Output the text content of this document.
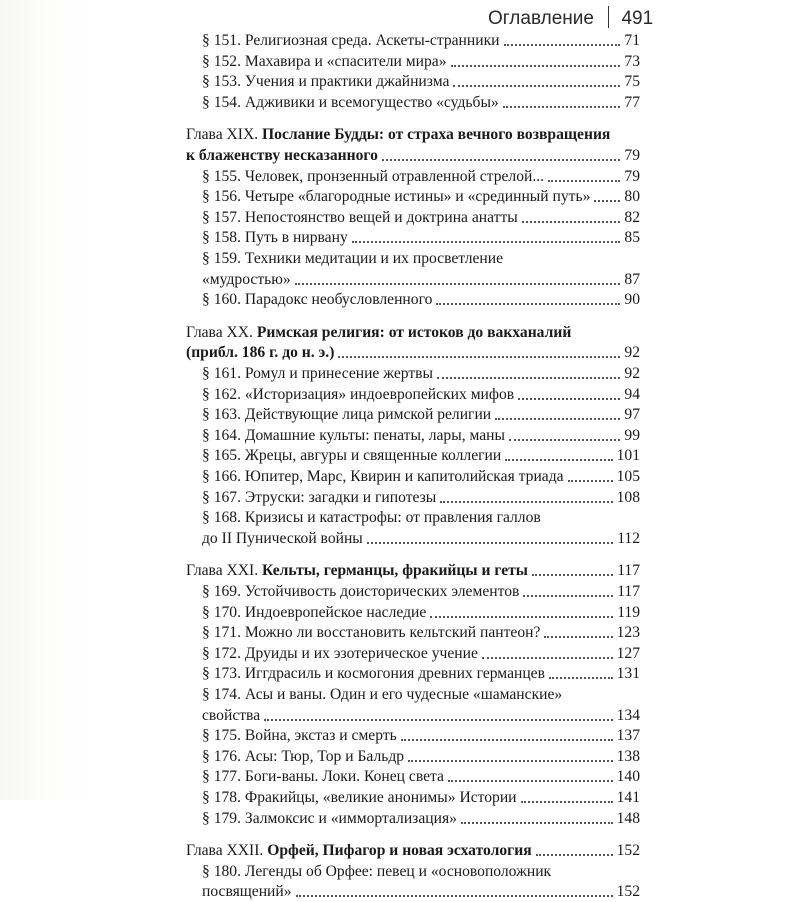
Оглавление 491
§ 151. Религиозная среда. Аскеты-странники	71
§ 152. Махавира и «спасители мира»	73
§ 153. Учения и практики джайнизма	75
§ 154. Адживики и всемогущество «судьбы»	77
Глава XIX. Послание Будды: от страха вечного возвращения
к блаженству несказанного	79
§ 155. Человек, пронзенный отравленной стрелой...	79
§ 156. Четыре «благородные истины» и «срединный путь» 80
§ 157. Непостоянство вещей и доктрина анатты	82
§ 158. Путь в нирвану	85
§ 159. Техники медитации и их просветление
«мудростью»	87
§ 160. Парадокс необусловленного	90
Глава XX. Римская религия: от истоков до вакханалий
(прибл. 186 г. до н. э.)	92
§ 161. Ромул и принесение жертвы	92
§ 162. «Историзация» индоевропейских мифов	94
§ 163. Действующие лица римской религии	97
§ 164. Домашние культы: пенаты, лары, маны	99
§ 165. Жрецы, авгуры и священные коллегии	101
§ 166. Юпитер, Марс, Квирин и капитолийская триада	105
§ 167. Этруски: загадки и гипотезы	108
§ 168. Кризисы и катастрофы: от правления галлов
до II Пунической войны	112
Глава XXI. Кельты, германцы, фракийцы и геты	117
§ 169. Устойчивость доисторических элементов	117
§ 170. Индоевропейское наследие	119
§ 171. Можно ли восстановить кельтский пантеон?	123
§ 172. Друиды и их эзотерическое учение	127
§ 173. Иггдрасиль и космогония древних германцев	131
§ 174. Асы и ваны. Один и его чудесные «шаманские»
свойства	134
§ 175. Война, экстаз и смерть	137
§ 176. Асы: Тюр, Тор и Бальдр	138
§ 177. Боги-ваны. Локи. Конец света	140
§ 178. Фракийцы, «великие анонимы» Истории	141
§ 179. Залмоксис и «иммортализация»	148
Глава XXII. Орфей, Пифагор и новая эсхатология	152
§ 180. Легенды об Орфее: певец и «основоположник
посвящений»	152
